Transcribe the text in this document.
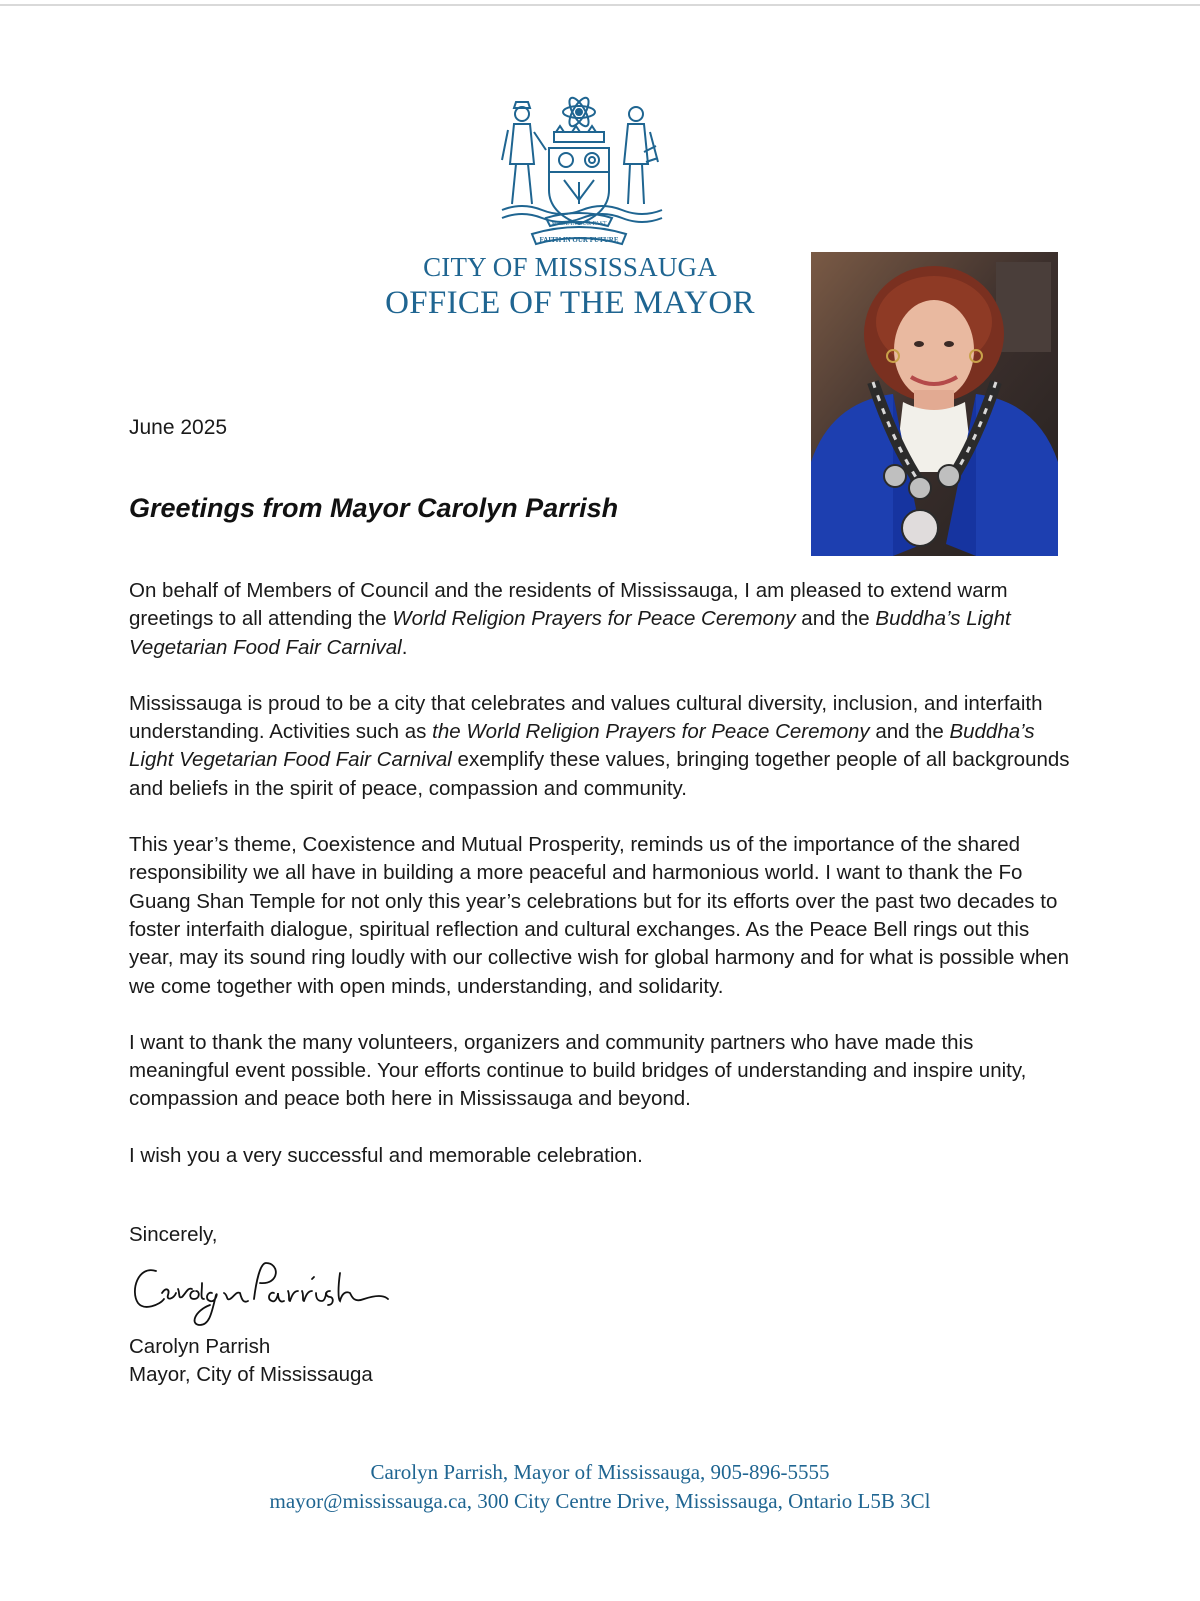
MADE IN OUR PAST
FAITH IN OUR FUTURE
CITY OF MISSISSAUGA
OFFICE OF THE MAYOR
June 2025
Greetings from Mayor Carolyn Parrish

On behalf of Members of Council and the residents of Mississauga, I am pleased to extend warm greetings to all attending the World Religion Prayers for Peace Ceremony and the Buddha’s Light Vegetarian Food Fair Carnival.

Mississauga is proud to be a city that celebrates and values cultural diversity, inclusion, and interfaith understanding. Activities such as the World Religion Prayers for Peace Ceremony and the Buddha’s Light Vegetarian Food Fair Carnival exemplify these values, bringing together people of all backgrounds and beliefs in the spirit of peace, compassion and community.

This year’s theme, Coexistence and Mutual Prosperity, reminds us of the importance of the shared responsibility we all have in building a more peaceful and harmonious world. I want to thank the Fo Guang Shan Temple for not only this year’s celebrations but for its efforts over the past two decades to foster interfaith dialogue, spiritual reflection and cultural exchanges. As the Peace Bell rings out this year, may its sound ring loudly with our collective wish for global harmony and for what is possible when we come together with open minds, understanding, and solidarity.

I want to thank the many volunteers, organizers and community partners who have made this meaningful event possible. Your efforts continue to build bridges of understanding and inspire unity, compassion and peace both here in Mississauga and beyond.

I wish you a very successful and memorable celebration.

Sincerely,
Carolyn Parrish
Mayor, City of Mississauga
Carolyn Parrish, Mayor of Mississauga, 905-896-5555
mayor@mississauga.ca, 300 City Centre Drive, Mississauga, Ontario L5B 3Cl
